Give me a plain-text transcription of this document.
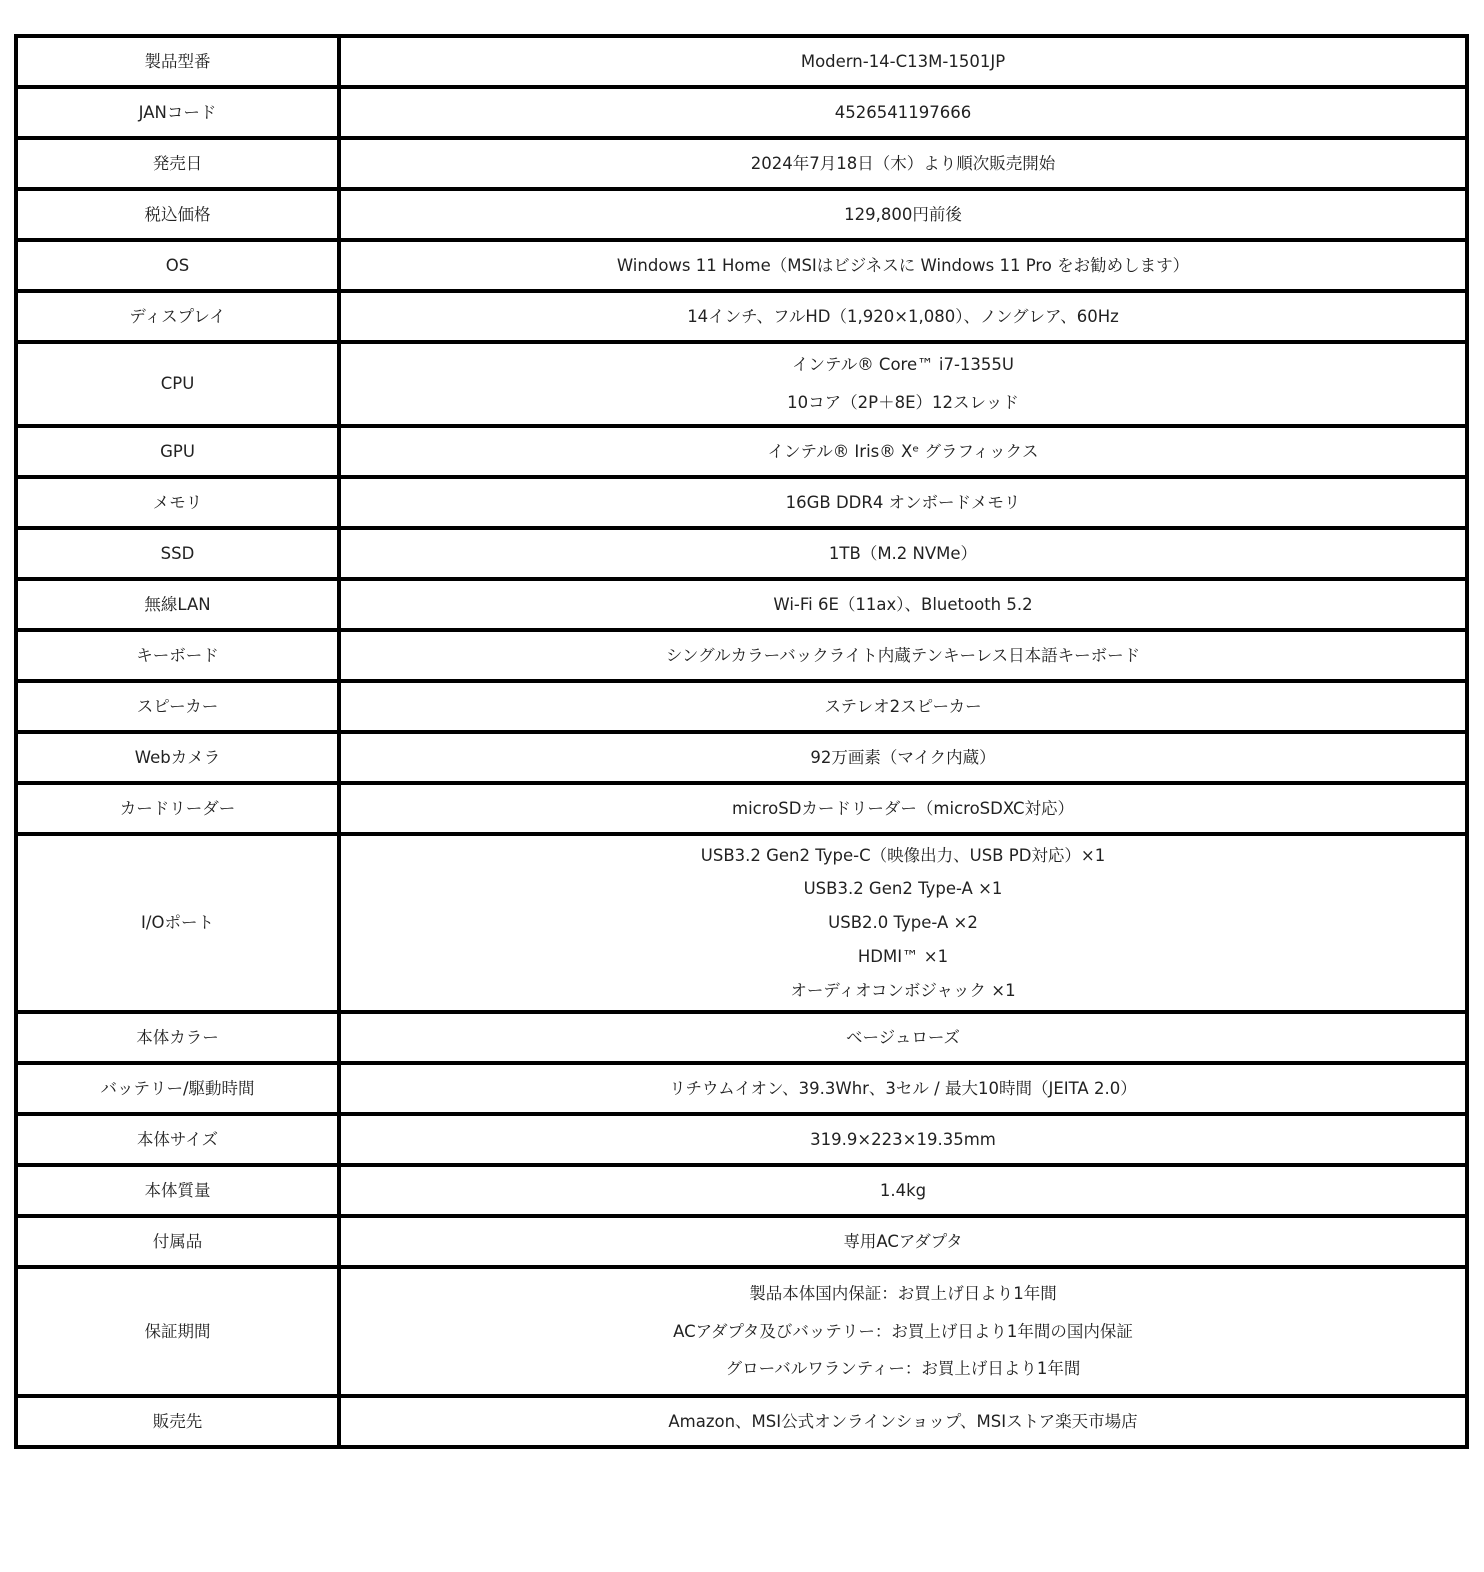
製品型番	Modern-14-C13M-1501JP

JANコード	4526541197666

発売日	2024年7月18日（木）より順次販売開始

税込価格	129,800円前後

OS	Windows 11 Home（MSIはビジネスに Windows 11 Pro をお勧めします）

ディスプレイ	14インチ、フルHD（1,920×1,080）、ノングレア、60Hz

CPU	インテル® Core™ i7-1355U
10コア（2P＋8E）12スレッド

GPU	インテル® Iris® Xᵉ グラフィックス

メモリ	16GB DDR4 オンボードメモリ

SSD	1TB（M.2 NVMe）

無線LAN	Wi-Fi 6E（11ax）、Bluetooth 5.2

キーボード	シングルカラーバックライト内蔵テンキーレス日本語キーボード

スピーカー	ステレオ2スピーカー

Webカメラ	92万画素（マイク内蔵）

カードリーダー	microSDカードリーダー（microSDXC対応）

I/Oポート	USB3.2 Gen2 Type-C（映像出力、USB PD対応）×1
USB3.2 Gen2 Type-A ×1
USB2.0 Type-A ×2
HDMI™ ×1
オーディオコンボジャック ×1

本体カラー	ベージュローズ

バッテリー/駆動時間	リチウムイオン、39.3Whr、3セル / 最大10時間（JEITA 2.0）

本体サイズ	319.9×223×19.35mm

本体質量	1.4kg

付属品	専用ACアダプタ

保証期間	製品本体国内保証：お買上げ日より1年間
ACアダプタ及びバッテリー：お買上げ日より1年間の国内保証
グローバルワランティー：お買上げ日より1年間

販売先	Amazon、MSI公式オンラインショップ、MSIストア楽天市場店
